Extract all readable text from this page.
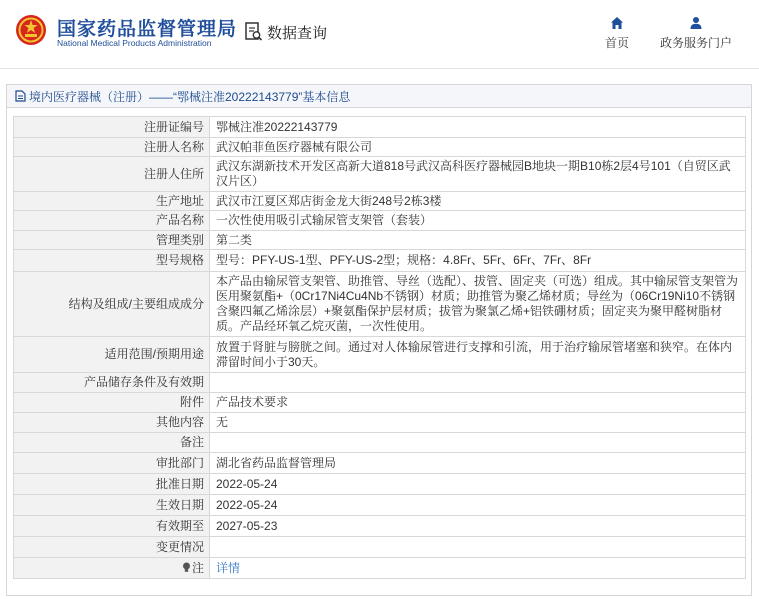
国家药品监督管理局
National Medical Products Administration
数据查询
首页	政务服务门户
境内医疗器械（注册）——“鄂械注准20222143779”基本信息
注册证编号	鄂械注准20222143779
注册人名称	武汉帕菲鱼医疗器械有限公司
注册人住所	武汉东湖新技术开发区高新大道818号武汉高科医疗器械园B地块一期B10栋2层4号101（自贸区武汉片区）
生产地址	武汉市江夏区郑店街金龙大街248号2栋3楼
产品名称	一次性使用吸引式输尿管支架管（套装）
管理类别	第二类
型号规格	型号：PFY-US-1型、PFY-US-2型；规格：4.8Fr、5Fr、6Fr、7Fr、8Fr
结构及组成/主要组成成分	本产品由输尿管支架管、助推管、导丝（选配）、拔管、固定夹（可选）组成。其中输尿管支架管为医用聚氨酯+（0Cr17Ni4Cu4Nb不锈钢）材质；助推管为聚乙烯材质；导丝为（06Cr19Ni10不锈钢含聚四氟乙烯涂层）+聚氨酯保护层材质；拔管为聚氯乙烯+铝铁硼材质；固定夹为聚甲醛树脂材质。产品经环氧乙烷灭菌，一次性使用。
适用范围/预期用途	放置于肾脏与膀胱之间。通过对人体输尿管进行支撑和引流，用于治疗输尿管堵塞和狭窄。在体内滞留时间小于30天。
产品储存条件及有效期	
附件	产品技术要求
其他内容	无
备注	
审批部门	湖北省药品监督管理局
批准日期	2022-05-24
生效日期	2022-05-24
有效期至	2027-05-23
变更情况	
注	详情
